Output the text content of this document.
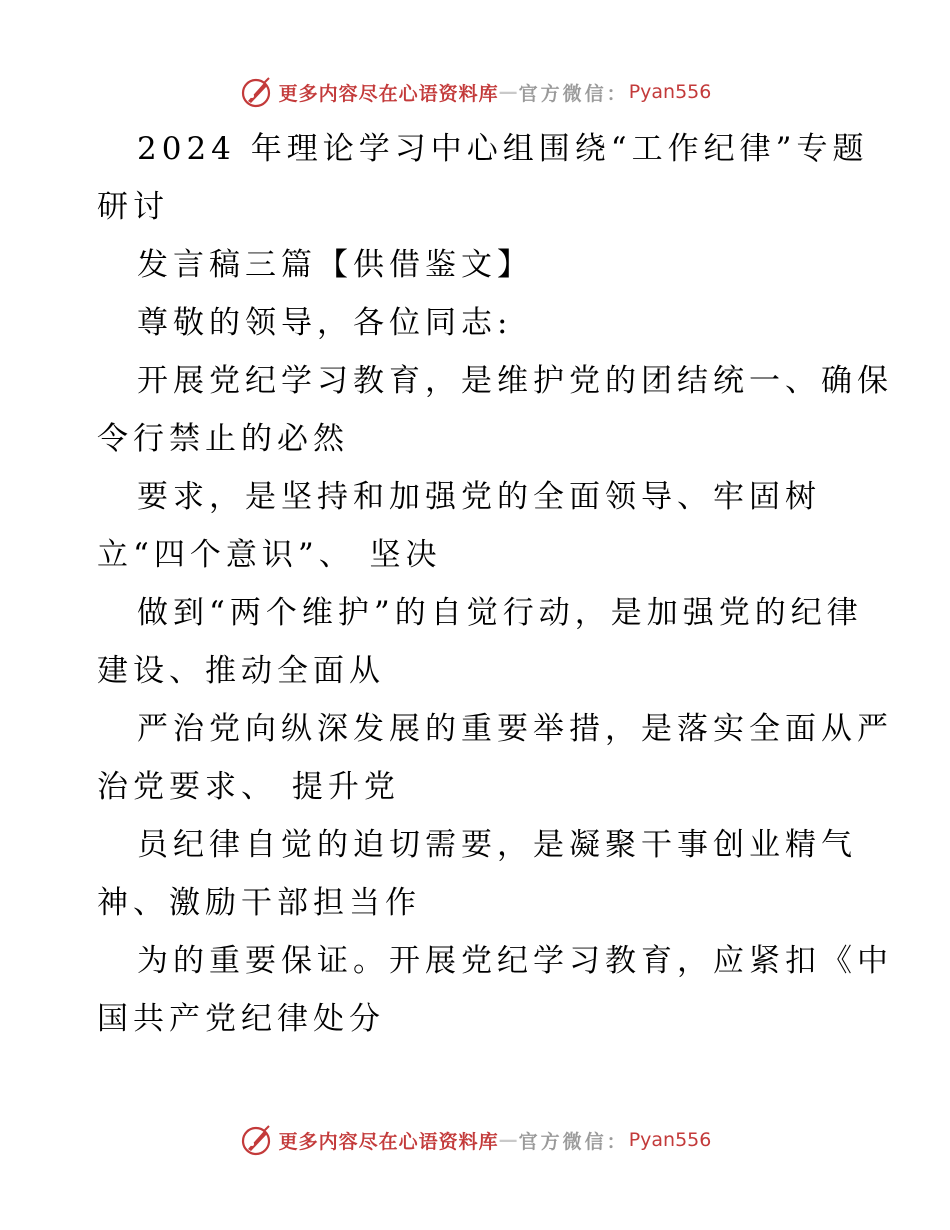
更多内容尽在心语资料库 — 官方微信： Pyan556
2024 年理论学习中心组围绕“工作纪律”专题
研讨
发言稿三篇【供借鉴文】
尊敬的领导，各位同志:
开展党纪学习教育，是维护党的团结统一、确保
令行禁止的必然
要求，是坚持和加强党的全面领导、牢固树
立“四个意识”、 坚决
做到“两个维护”的自觉行动，是加强党的纪律
建设、推动全面从
严治党向纵深发展的重要举措，是落实全面从严
治党要求、 提升党
员纪律自觉的迫切需要，是凝聚干事创业精气
神、激励干部担当作
为的重要保证。开展党纪学习教育，应紧扣《中
国共产党纪律处分
更多内容尽在心语资料库 — 官方微信： Pyan556
